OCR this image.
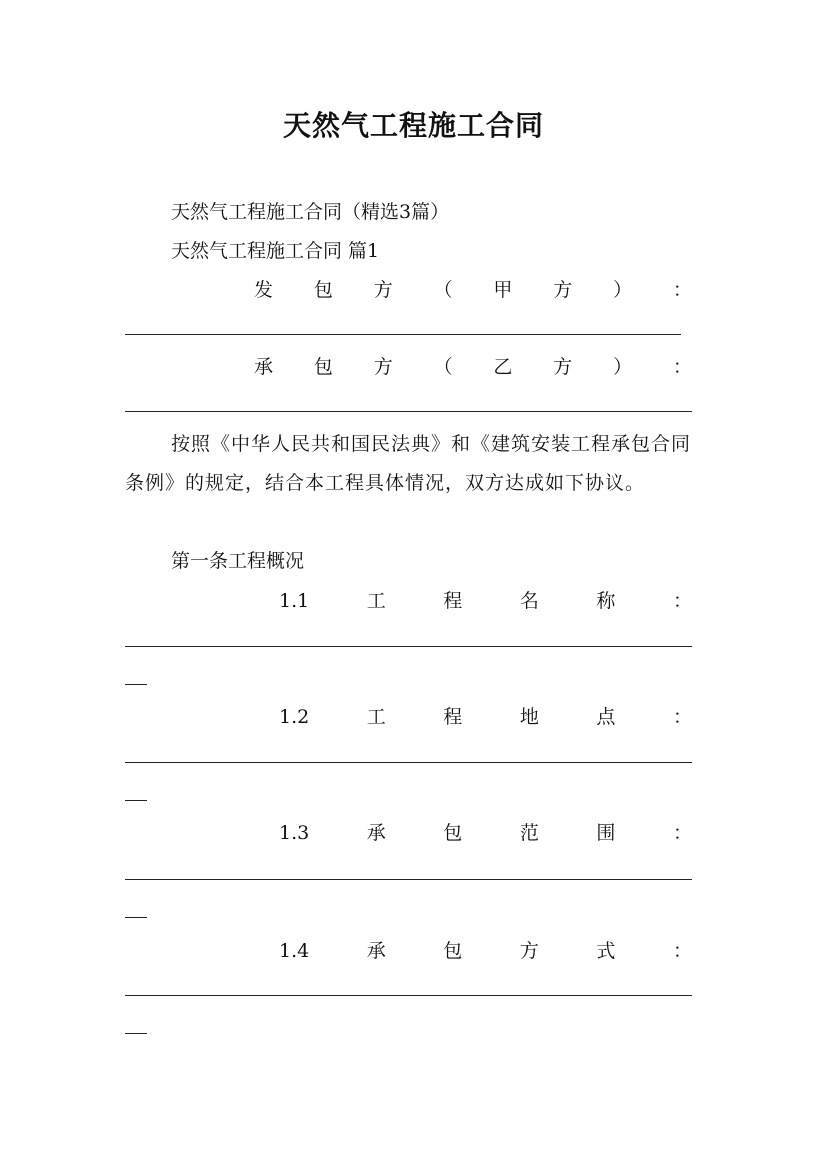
天然气工程施工合同
天然气工程施工合同（精选3篇）
天然气工程施工合同 篇1
发 包 方 （ 甲 方 ） ：
承 包 方 （ 乙 方 ） ：
按照《中华人民共和国民法典》和《建筑安装工程承包合同条例》的规定，结合本工程具体情况，双方达成如下协议。
第一条工程概况
1.1	工	程	名	称	：
1.2	工	程	地	点	：
1.3	承	包	范	围	：
1.4	承	包	方	式	：
